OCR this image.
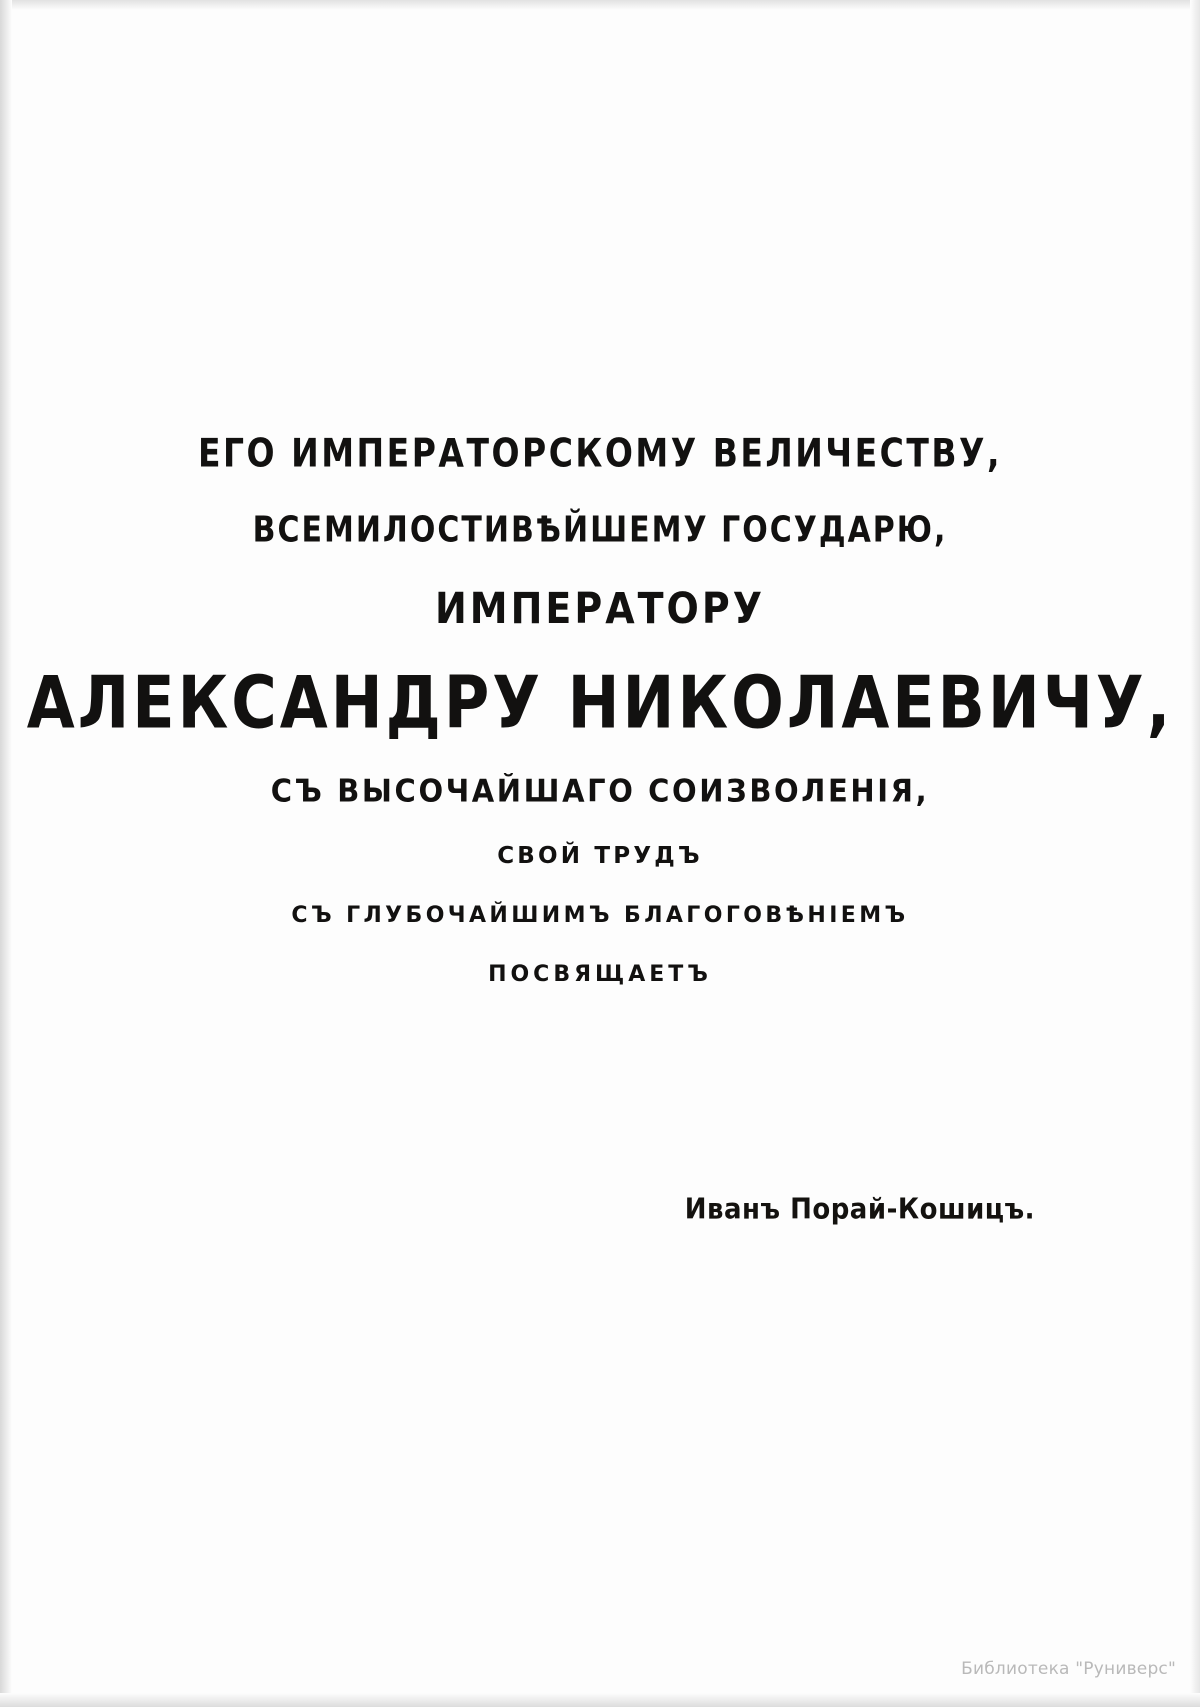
ЕГО ИМПЕРАТОРСКОМУ ВЕЛИЧЕСТВУ,
ВСЕМИЛОСТИВѢЙШЕМУ ГОСУДАРЮ,
ИМПЕРАТОРУ
АЛЕКСАНДРУ НИКОЛАЕВИЧУ,
СЪ ВЫСОЧАЙШАГО СОИЗВОЛЕНІЯ,
СВОЙ ТРУДЪ
СЪ ГЛУБОЧАЙШИМЪ БЛАГОГОВѢНІЕМЪ
ПОСВЯЩАЕТЪ
Иванъ Порай-Кошицъ.
Библиотека "Руниверс"
